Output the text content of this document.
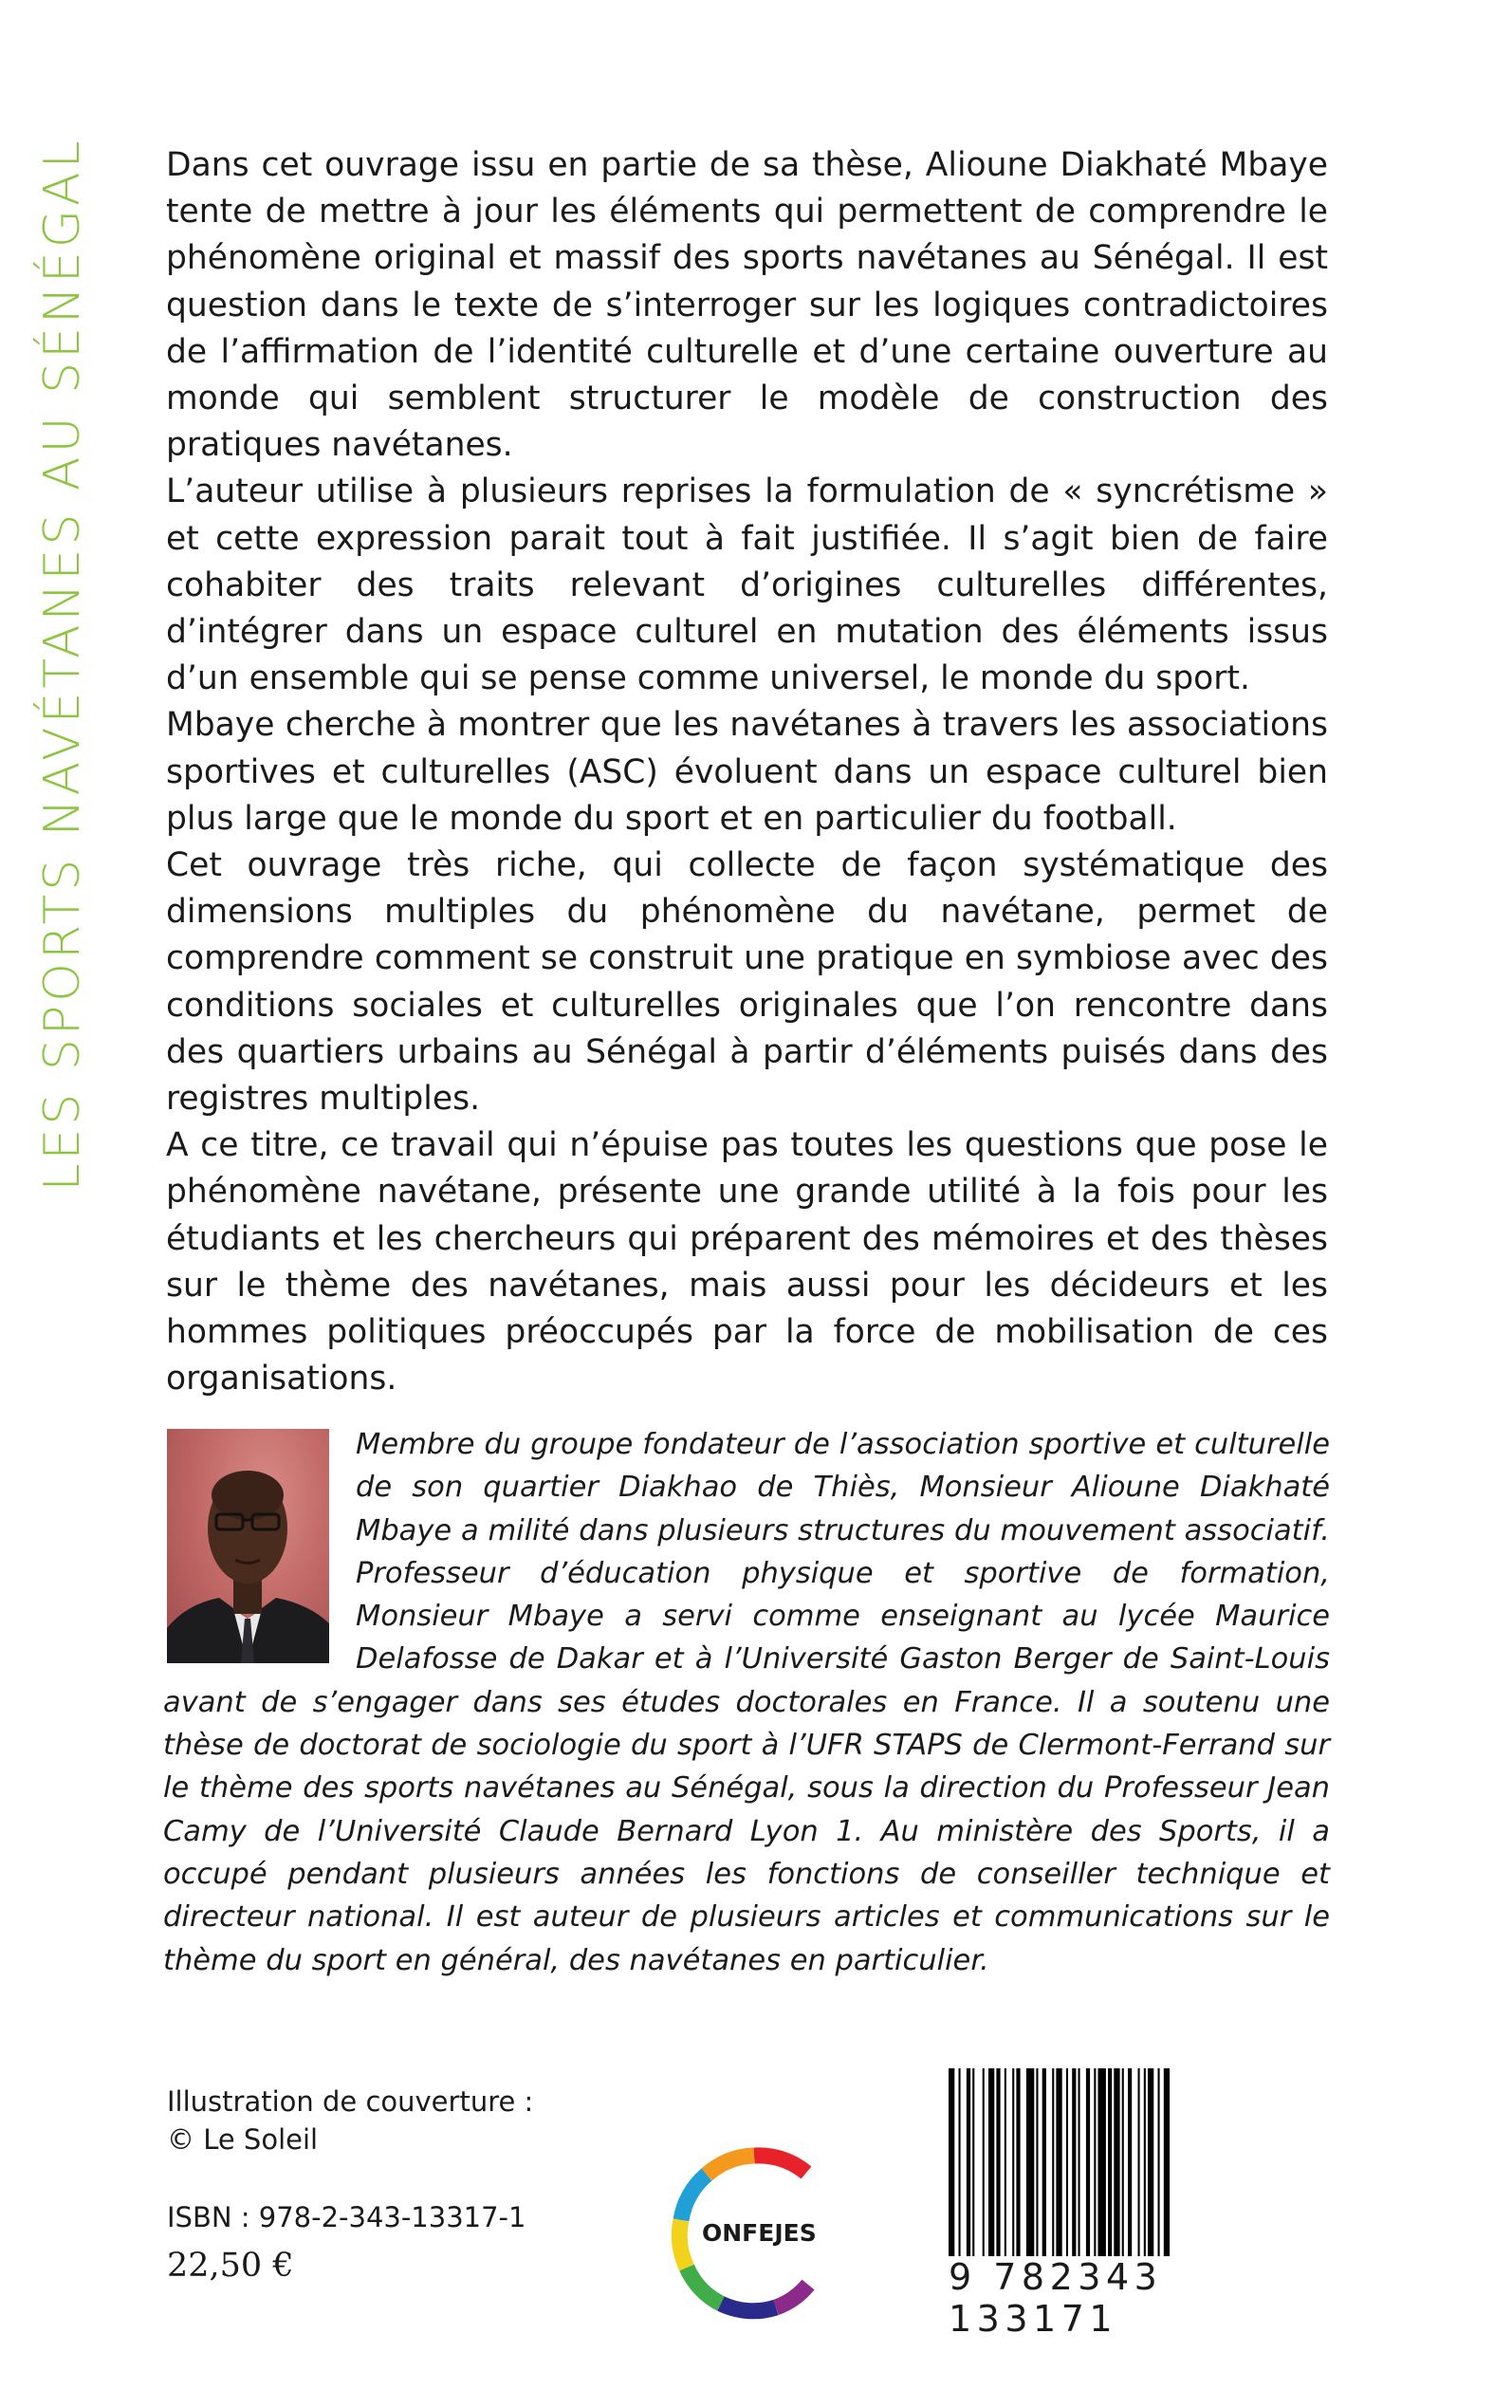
LES SPORTS NAVÉTANES AU SÉNÉGAL Dans cet ouvrage issu en partie de sa thèse, Alioune Diakhaté Mbaye tente de mettre à jour les éléments qui permettent de comprendre le phénomène original et massif des sports navétanes au Sénégal. Il est question dans le texte de s’interroger sur les logiques contradictoires de l’affirmation de l’identité culturelle et d’une certaine ouverture au monde qui semblent structurer le modèle de construction des pratiques navétanes.

L’auteur utilise à plusieurs reprises la formulation de « syncrétisme » et cette expression parait tout à fait justifiée. Il s’agit bien de faire cohabiter des traits relevant d’origines culturelles différentes, d’intégrer dans un espace culturel en mutation des éléments issus d’un ensemble qui se pense comme universel, le monde du sport.

Mbaye cherche à montrer que les navétanes à travers les associations sportives et culturelles (ASC) évoluent dans un espace culturel bien plus large que le monde du sport et en particulier du football.

Cet ouvrage très riche, qui collecte de façon systématique des dimensions multiples du phénomène du navétane, permet de comprendre comment se construit une pratique en symbiose avec des conditions sociales et culturelles originales que l’on rencontre dans des quartiers urbains au Sénégal à partir d’éléments puisés dans des registres multiples.

A ce titre, ce travail qui n’épuise pas toutes les questions que pose le phénomène navétane, présente une grande utilité à la fois pour les étudiants et les chercheurs qui préparent des mémoires et des thèses sur le thème des navétanes, mais aussi pour les décideurs et les hommes politiques préoccupés par la force de mobilisation de ces organisations.

Membre du groupe fondateur de l’association sportive et culturelle de son quartier Diakhao de Thiès, Monsieur Alioune Diakhaté Mbaye a milité dans plusieurs structures du mouvement associatif. Professeur d’éducation physique et sportive de formation, Monsieur Mbaye a servi comme enseignant au lycée Maurice Delafosse de Dakar et à l’Université Gaston Berger de Saint-Louis avant de s’engager dans ses études doctorales en France. Il a soutenu une thèse de doctorat de sociologie du sport à l’UFR STAPS de Clermont-Ferrand sur le thème des sports navétanes au Sénégal, sous la direction du Professeur Jean Camy de l’Université Claude Bernard Lyon 1. Au ministère des Sports, il a occupé pendant plusieurs années les fonctions de conseiller technique et directeur national. Il est auteur de plusieurs articles et communications sur le thème du sport en général, des navétanes en particulier.
Illustration de couverture :
© Le Soleil
ISBN : 978-2-343-13317-1
22,50 €
ONFEJES
9 782343 133171
